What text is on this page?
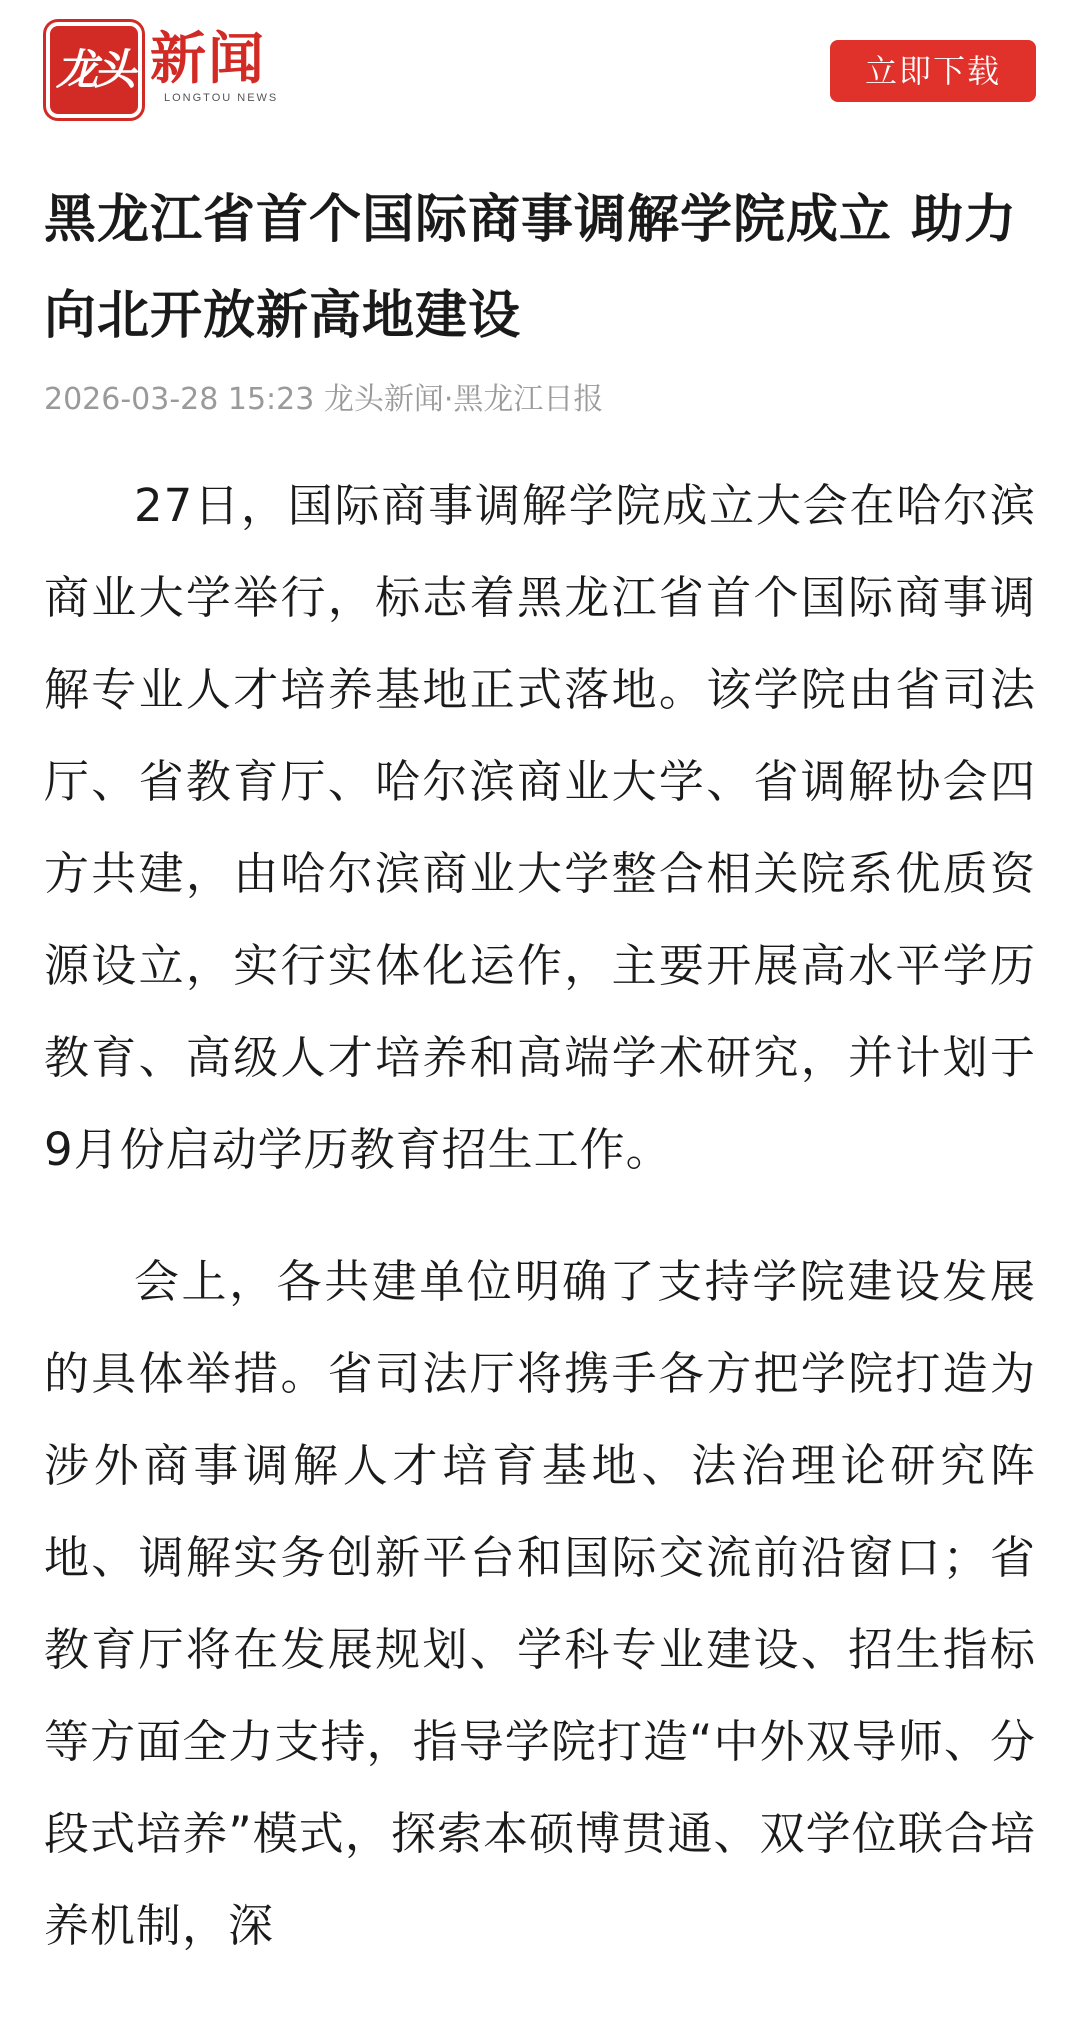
龙头 新闻
LONGTOU NEWS
立即下载
黑龙江省首个国际商事调解学院成立 助力向北开放新高地建设
2026-03-28 15:23 龙头新闻·黑龙江日报

27日，国际商事调解学院成立大会在哈尔滨商业大学举行，标志着黑龙江省首个国际商事调解专业人才培养基地正式落地。该学院由省司法厅、省教育厅、哈尔滨商业大学、省调解协会四方共建，由哈尔滨商业大学整合相关院系优质资源设立，实行实体化运作，主要开展高水平学历教育、高级人才培养和高端学术研究，并计划于9月份启动学历教育招生工作。

会上，各共建单位明确了支持学院建设发展的具体举措。省司法厅将携手各方把学院打造为涉外商事调解人才培育基地、法治理论研究阵地、调解实务创新平台和国际交流前沿窗口；省教育厅将在发展规划、学科专业建设、招生指标等方面全力支持，指导学院打造“中外双导师、分段式培养”模式，探索本硕博贯通、双学位联合培养机制，深
